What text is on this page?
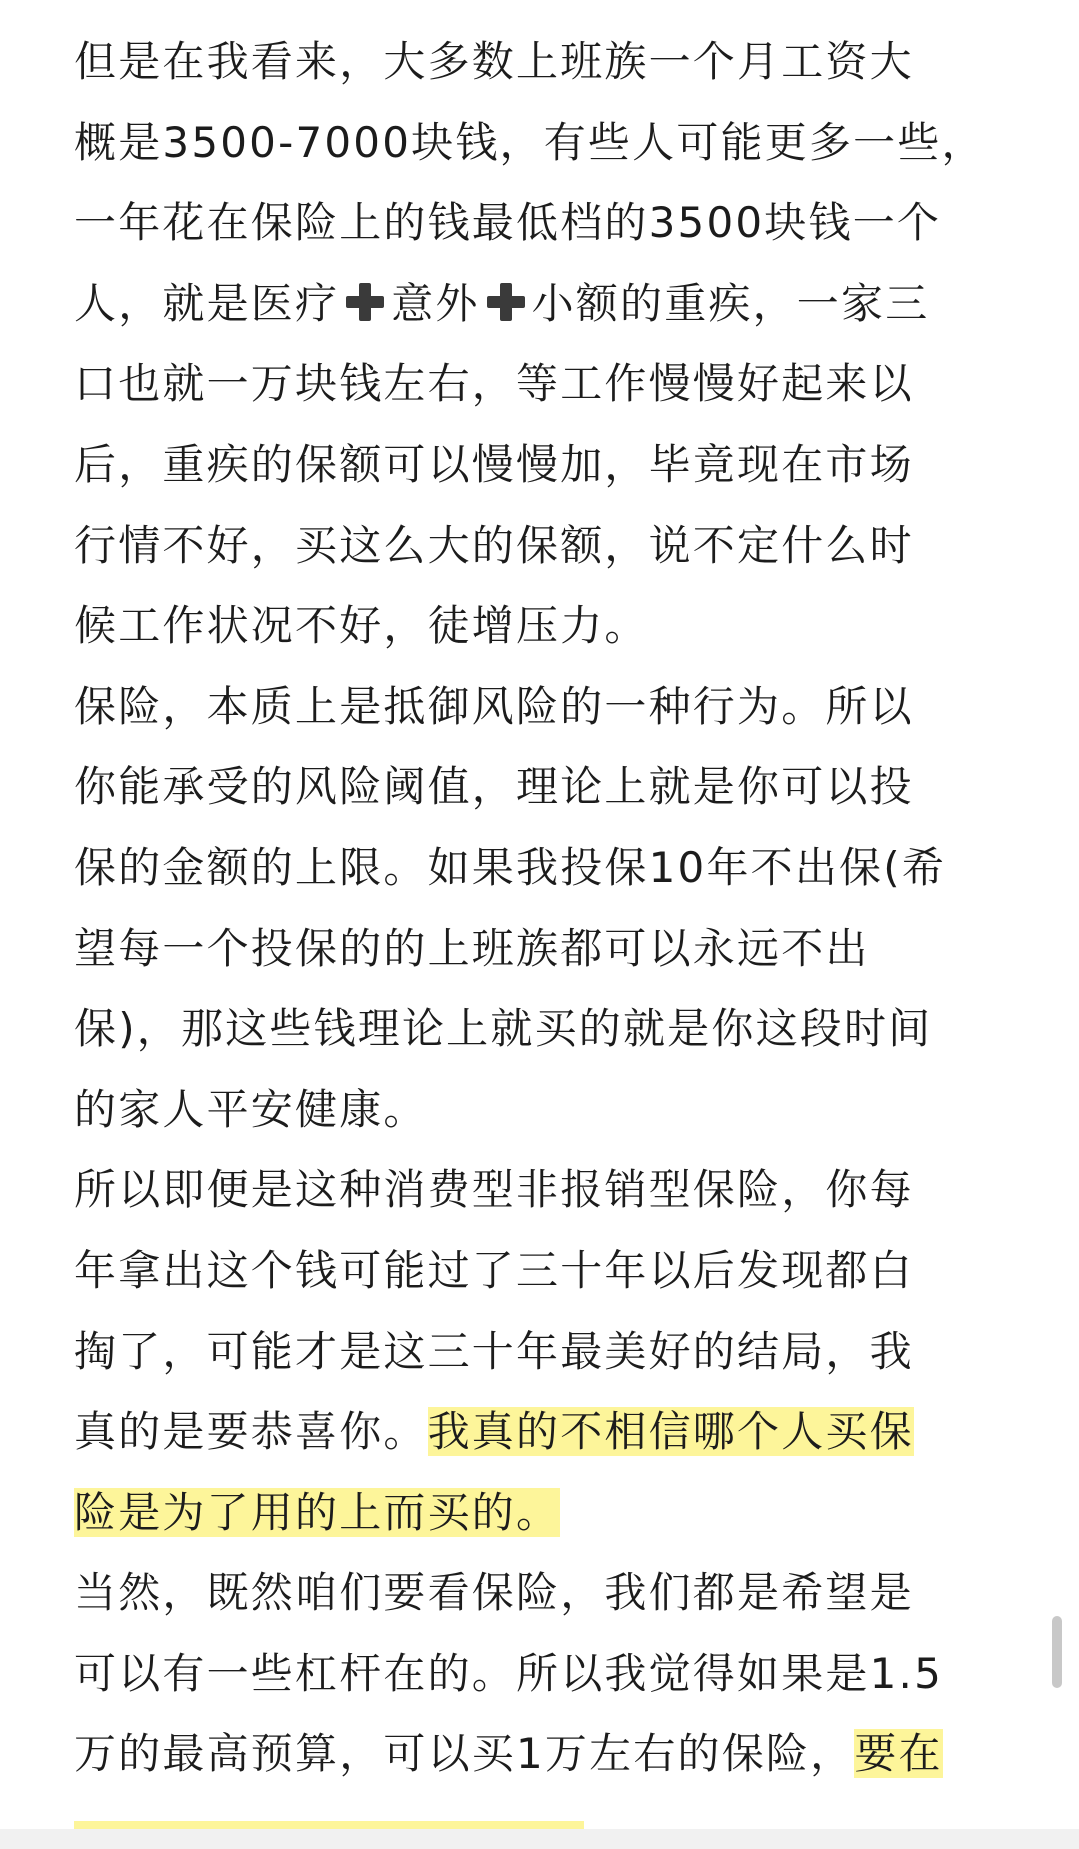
但是在我看来，大多数上班族一个月工资大
概是3500-7000块钱，有些人可能更多一些，
一年花在保险上的钱最低档的3500块钱一个
人，就是医疗 意外 小额的重疾，一家三
口也就一万块钱左右，等工作慢慢好起来以
后，重疾的保额可以慢慢加，毕竟现在市场
行情不好，买这么大的保额，说不定什么时
候工作状况不好，徒增压力。
保险，本质上是抵御风险的一种行为。所以
你能承受的风险阈值，理论上就是你可以投
保的金额的上限。如果我投保10年不出保(希
望每一个投保的的上班族都可以永远不出
保)，那这些钱理论上就买的就是你这段时间
的家人平安健康。
所以即便是这种消费型非报销型保险，你每
年拿出这个钱可能过了三十年以后发现都白
掏了，可能才是这三十年最美好的结局，我
真的是要恭喜你。我真的不相信哪个人买保
险是为了用的上而买的。
当然，既然咱们要看保险，我们都是希望是
可以有一些杠杆在的。所以我觉得如果是1.5
万的最高预算，可以买1万左右的保险，要在
